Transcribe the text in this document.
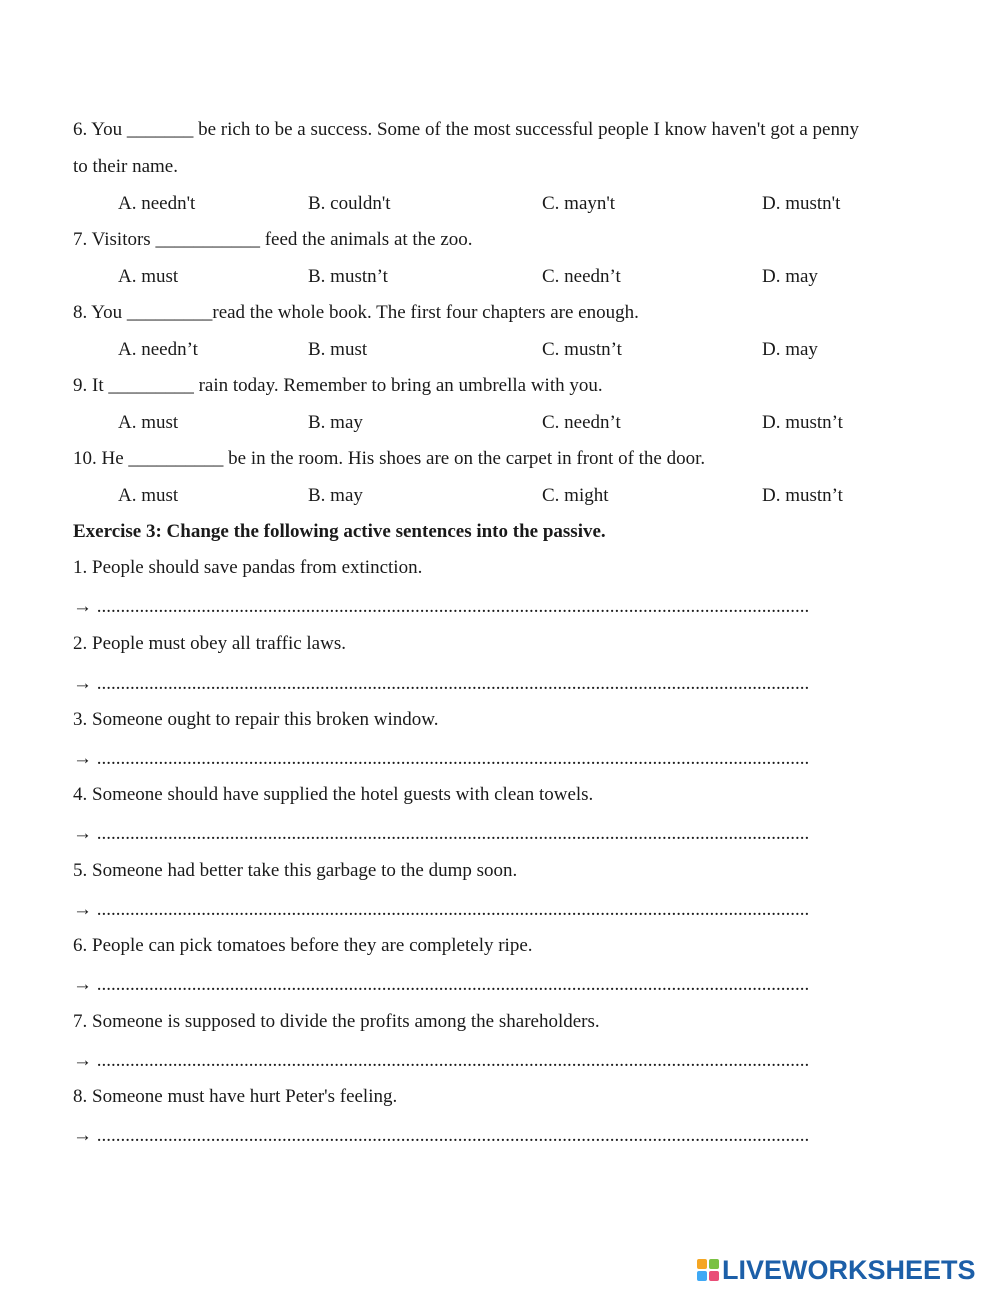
6. You _______ be rich to be a success. Some of the most successful people I know haven't got a penny
to their name.
A. needn't	B. couldn't	C. mayn't	D. mustn't
7. Visitors ___________ feed the animals at the zoo.
A. must	B. mustn’t	C. needn’t	D. may
8. You _________read the whole book. The first four chapters are enough.
A. needn’t	B. must	C. mustn’t	D. may
9. It _________ rain today. Remember to bring an umbrella with you.
A. must	B. may	C. needn’t	D. mustn’t
10. He __________ be in the room. His shoes are on the carpet in front of the door.
A. must	B. may	C. might	D. mustn’t
Exercise 3: Change the following active sentences into the passive.
1. People should save pandas from extinction.
→ ......................................................................................................................................................
2. People must obey all traffic laws.
→ ......................................................................................................................................................
3. Someone ought to repair this broken window.
→ ......................................................................................................................................................
4. Someone should have supplied the hotel guests with clean towels.
→ ......................................................................................................................................................
5. Someone had better take this garbage to the dump soon.
→ ......................................................................................................................................................
6. People can pick tomatoes before they are completely ripe.
→ ......................................................................................................................................................
7. Someone is supposed to divide the profits among the shareholders.
→ ......................................................................................................................................................
8. Someone must have hurt Peter's feeling.
→ ......................................................................................................................................................
LIVEWORKSHEETS
